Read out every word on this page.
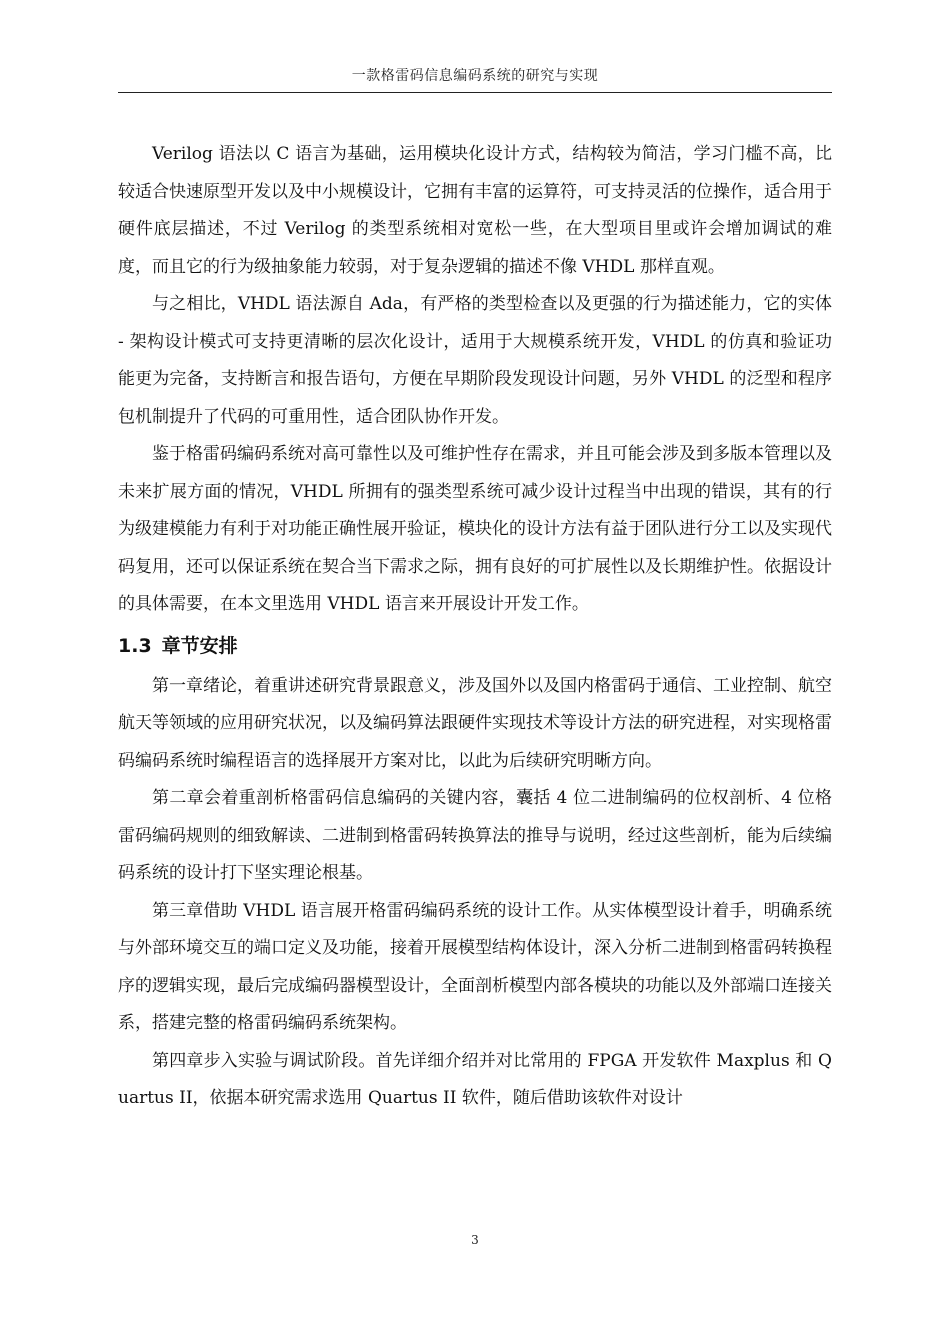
一款格雷码信息编码系统的研究与实现

Verilog 语法以 C 语言为基础，运用模块化设计方式，结构较为简洁，学习门槛不高，比较适合快速原型开发以及中小规模设计，它拥有丰富的运算符，可支持灵活的位操作，适合用于硬件底层描述，不过 Verilog 的类型系统相对宽松一些，在大型项目里或许会增加调试的难度，而且它的行为级抽象能力较弱，对于复杂逻辑的描述不像 VHDL 那样直观。

与之相比，VHDL 语法源自 Ada，有严格的类型检查以及更强的行为描述能力，它的实体 - 架构设计模式可支持更清晰的层次化设计，适用于大规模系统开发，VHDL 的仿真和验证功能更为完备，支持断言和报告语句，方便在早期阶段发现设计问题，另外 VHDL 的泛型和程序包机制提升了代码的可重用性，适合团队协作开发。

鉴于格雷码编码系统对高可靠性以及可维护性存在需求，并且可能会涉及到多版本管理以及未来扩展方面的情况，VHDL 所拥有的强类型系统可减少设计过程当中出现的错误，其有的行为级建模能力有利于对功能正确性展开验证，模块化的设计方法有益于团队进行分工以及实现代码复用，还可以保证系统在契合当下需求之际，拥有良好的可扩展性以及长期维护性。依据设计的具体需要，在本文里选用 VHDL 语言来开展设计开发工作。

1.3 章节安排

第一章绪论，着重讲述研究背景跟意义，涉及国外以及国内格雷码于通信、工业控制、航空航天等领域的应用研究状况，以及编码算法跟硬件实现技术等设计方法的研究进程，对实现格雷码编码系统时编程语言的选择展开方案对比，以此为后续研究明晰方向。

第二章会着重剖析格雷码信息编码的关键内容，囊括 4 位二进制编码的位权剖析、4 位格雷码编码规则的细致解读、二进制到格雷码转换算法的推导与说明，经过这些剖析，能为后续编码系统的设计打下坚实理论根基。

第三章借助 VHDL 语言展开格雷码编码系统的设计工作。从实体模型设计着手，明确系统与外部环境交互的端口定义及功能，接着开展模型结构体设计，深入分析二进制到格雷码转换程序的逻辑实现，最后完成编码器模型设计，全面剖析模型内部各模块的功能以及外部端口连接关系，搭建完整的格雷码编码系统架构。

第四章步入实验与调试阶段。首先详细介绍并对比常用的 FPGA 开发软件 Maxplus 和 Quartus II，依据本研究需求选用 Quartus II 软件，随后借助该软件对设计

3
